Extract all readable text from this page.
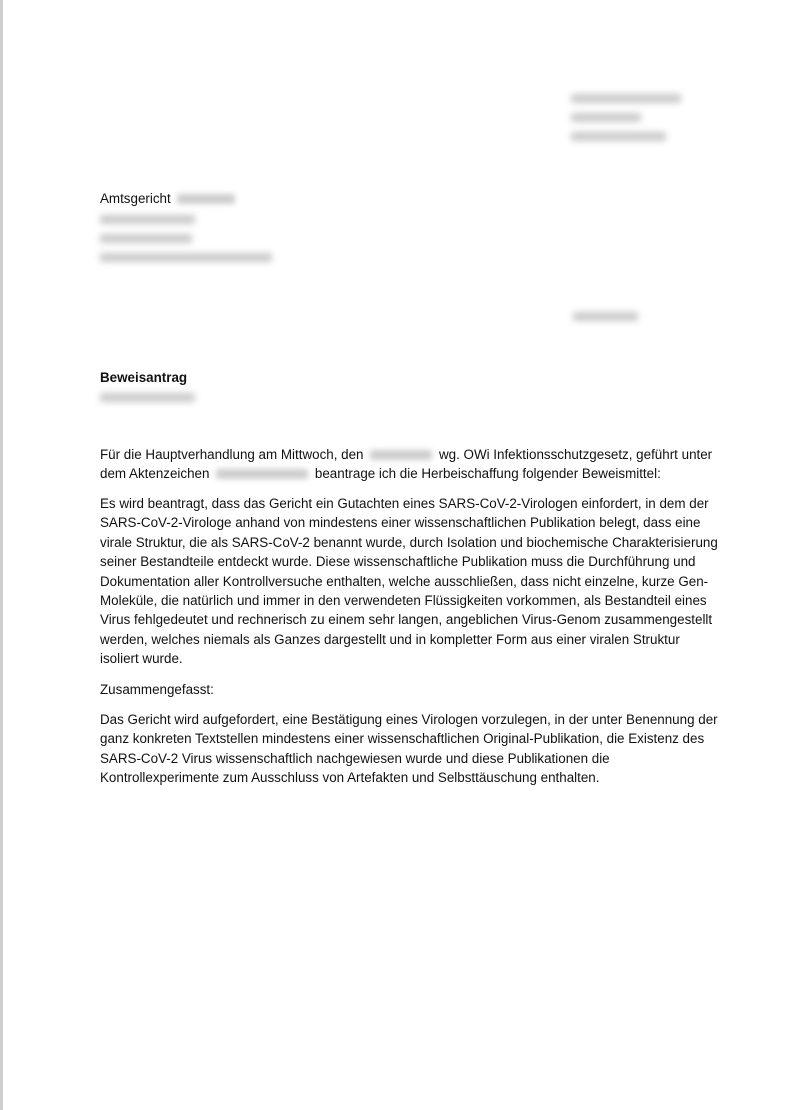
Amtsgericht
Beweisantrag
Für die Hauptverhandlung am Mittwoch, den	wg. OWi Infektionsschutzgesetz, geführt unter dem Aktenzeichen	beantrage ich die Herbeischaffung folgender Beweismittel:
Es wird beantragt, dass das Gericht ein Gutachten eines SARS-CoV-2-Virologen einfordert, in dem der SARS-CoV-2-Virologe anhand von mindestens einer wissenschaftlichen Publikation belegt, dass eine virale Struktur, die als SARS-CoV-2 benannt wurde, durch Isolation und biochemische Charakterisierung seiner Bestandteile entdeckt wurde. Diese wissenschaftliche Publikation muss die Durchführung und Dokumentation aller Kontrollversuche enthalten, welche ausschließen, dass nicht einzelne, kurze Gen-Moleküle, die natürlich und immer in den verwendeten Flüssigkeiten vorkommen, als Bestandteil eines Virus fehlgedeutet und rechnerisch zu einem sehr langen, angeblichen Virus-Genom zusammengestellt werden, welches niemals als Ganzes dargestellt und in kompletter Form aus einer viralen Struktur isoliert wurde.
Zusammengefasst:
Das Gericht wird aufgefordert, eine Bestätigung eines Virologen vorzulegen, in der unter Benennung der ganz konkreten Textstellen mindestens einer wissenschaftlichen Original-Publikation, die Existenz des SARS-CoV-2 Virus wissenschaftlich nachgewiesen wurde und diese Publikationen die Kontrollexperimente zum Ausschluss von Artefakten und Selbsttäuschung enthalten.
